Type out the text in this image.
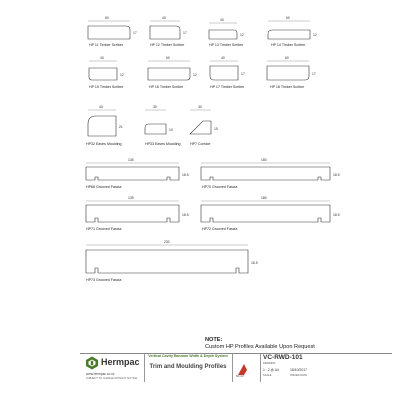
60
17
HP 11 Timber Scriber
40
17
HP 12 Timber Scriber
40
12
HP 13 Timber Scriber
60
12
HP 14 Timber Scriber
40
12
HP 15 Timber Scriber
60
12
HP 16 Timber Scriber
40
17
HP 17 Timber Scriber
60
17
HP 18 Timber Scriber
40
21
HP32 Eaves Moulding
30
10
HP33 Eaves Moulding
30
15
HP7 Cornice
135
18.5
HP66 Grooved Fascia
180
18.5
HP70 Grooved Fascia
135
18.5
HP71 Grooved Fascia
180
18.5
HP72 Grooved Fascia
230
18.5
HP73 Grooved Fascia
NOTE:
Custom HP Profiles Available Upon Request
Hermpac
www.hermpac.co.nz
SUBJECT TO CHANGE WITHOUT NOTICE
Vertical Cavity Random Width & Depth System
Trim and Moulding Profiles
BRANZ
VC-RWD-101
DRAWING
1 : 2 @ A4
SCALE
18/10/2017
ISSUED DATE
